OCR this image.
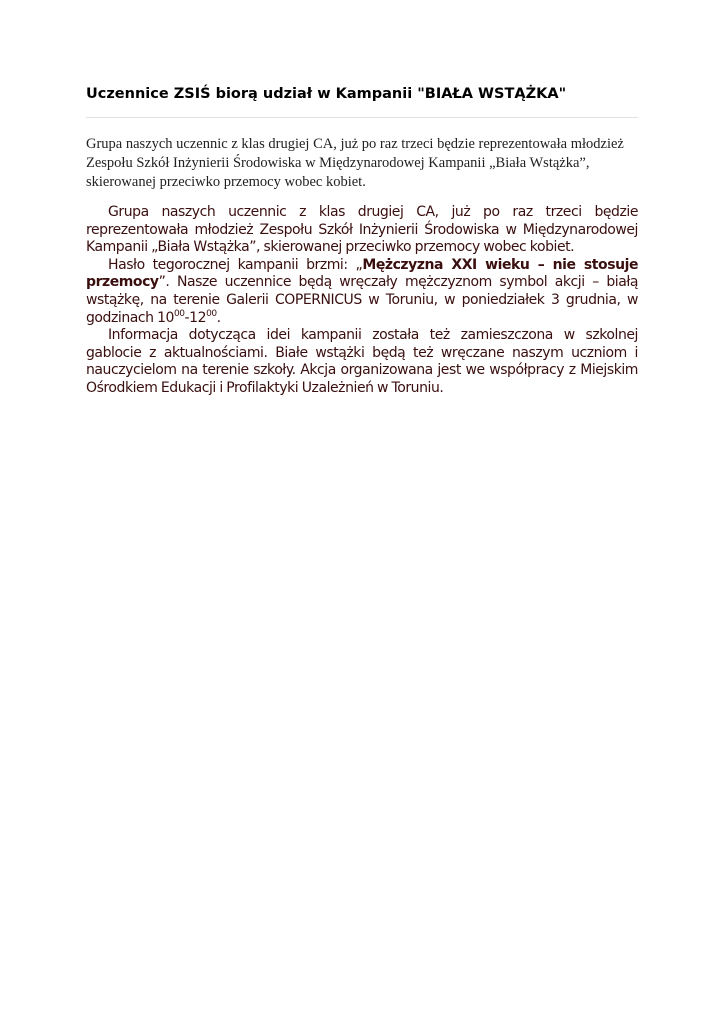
Uczennice ZSIŚ biorą udział w Kampanii "BIAŁA WSTĄŻKA"

Grupa naszych uczennic z klas drugiej CA, już po raz trzeci będzie reprezentowała młodzież Zespołu Szkół Inżynierii Środowiska w Międzynarodowej Kampanii „Biała Wstążka”, skierowanej przeciwko przemocy wobec kobiet.

Grupa naszych uczennic z klas drugiej CA, już po raz trzeci będzie reprezentowała młodzież Zespołu Szkół Inżynierii Środowiska w Międzynarodowej Kampanii „Biała Wstążka”, skierowanej przeciwko przemocy wobec kobiet.

Hasło tegorocznej kampanii brzmi: „Mężczyzna XXI wieku – nie stosuje przemocy”. Nasze uczennice będą wręczały mężczyznom symbol akcji – białą wstążkę, na terenie Galerii COPERNICUS w Toruniu, w poniedziałek 3 grudnia, w godzinach $10^{00}-12^{00}$.

Informacja dotycząca idei kampanii została też zamieszczona w szkolnej gablocie z aktualnościami. Białe wstążki będą też wręczane naszym uczniom i nauczycielom na terenie szkoły. Akcja organizowana jest we współpracy z Miejskim Ośrodkiem Edukacji i Profilaktyki Uzależnień w Toruniu.
